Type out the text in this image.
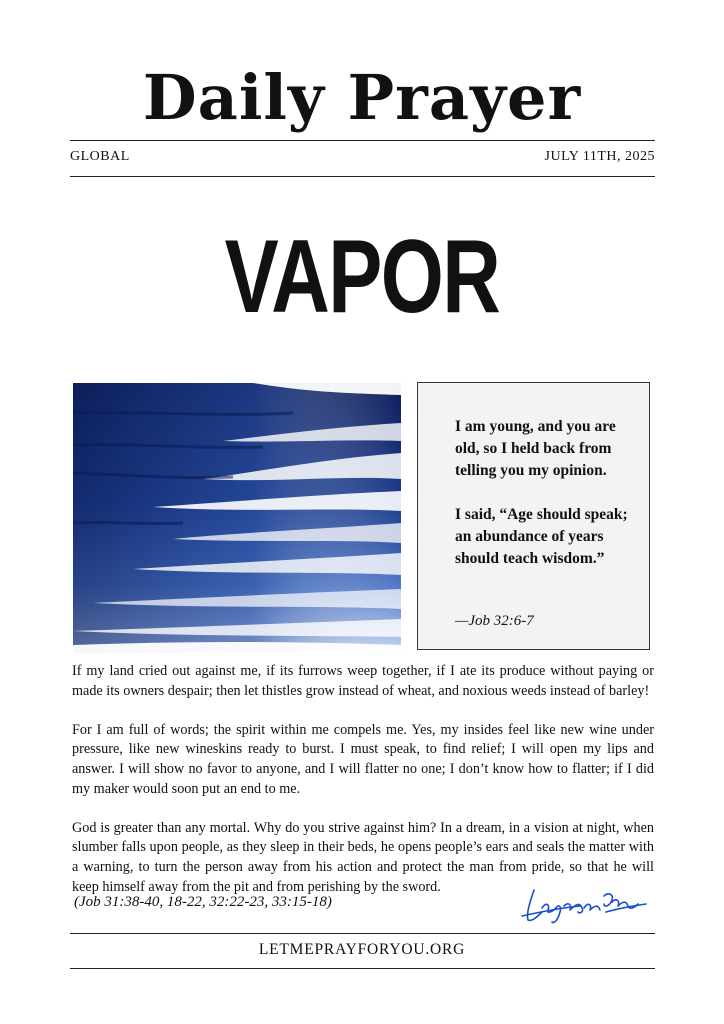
Daily Prayer
GLOBAL	JULY 11TH, 2025
VAPOR

I am young, and you are old, so I held back from telling you my opinion.

I said, “Age should speak; an abundance of years should teach wisdom.”

—Job 32:6-7

If my land cried out against me, if its furrows weep together, if I ate its produce without paying or made its owners despair; then let thistles grow instead of wheat, and noxious weeds instead of barley!

For I am full of words; the spirit within me compels me. Yes, my insides feel like new wine under pressure, like new wineskins ready to burst. I must speak, to find relief; I will open my lips and answer. I will show no favor to anyone, and I will flatter no one; I don’t know how to flatter; if I did my maker would soon put an end to me.

God is greater than any mortal. Why do you strive against him? In a dream, in a vision at night, when slumber falls upon people, as they sleep in their beds, he opens people’s ears and seals the matter with a warning, to turn the person away from his action and protect the man from pride, so that he will keep himself away from the pit and from perishing by the sword.

(Job 31:38-40, 18-22, 32:22-23, 33:15-18)
LETMEPRAYFORYOU.ORG
